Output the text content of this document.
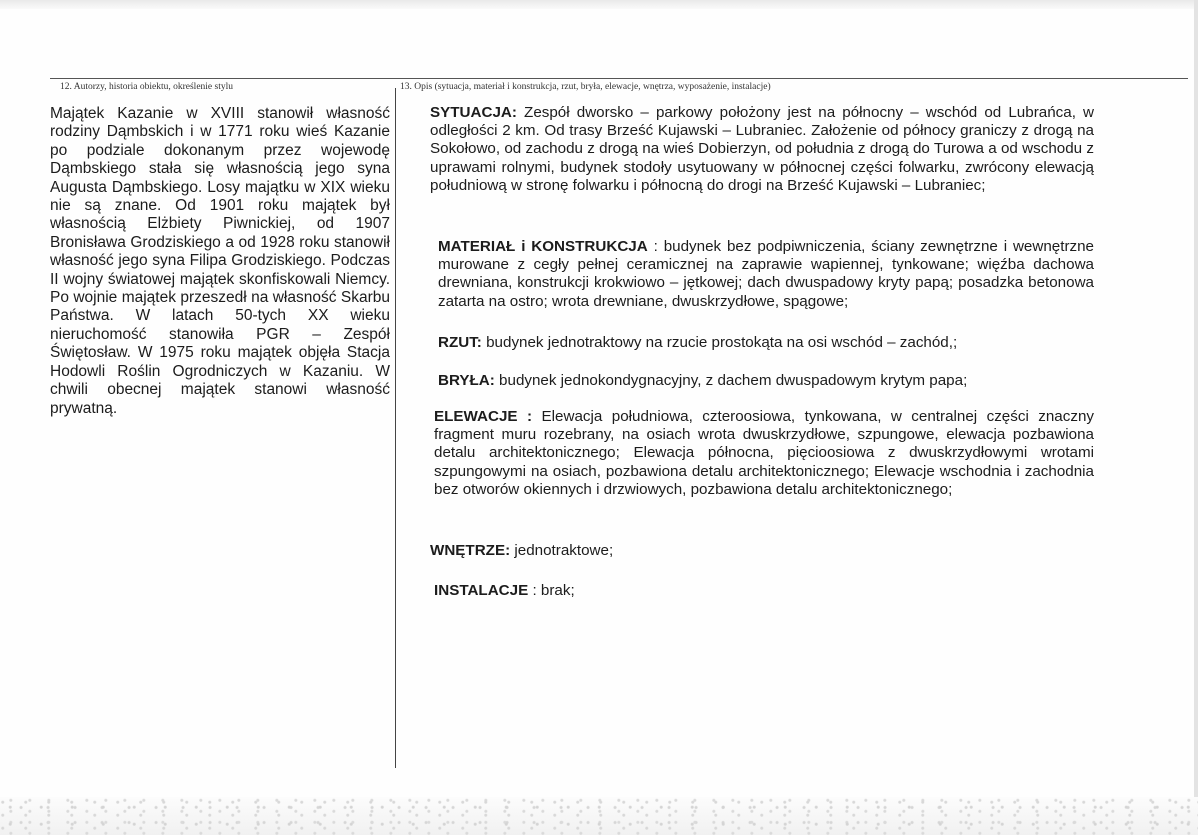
12. Autorzy, historia obiektu, określenie stylu	13. Opis (sytuacja, materiał i konstrukcja, rzut, bryła, elewacje, wnętrza, wyposażenie, instalacje)
Majątek Kazanie w XVIII stanowił własność rodziny Dąmbskich i w 1771 roku wieś Kazanie po podziale dokonanym przez wojewodę Dąmbskiego stała się własnością jego syna Augusta Dąmbskiego. Losy majątku w XIX wieku nie są znane. Od 1901 roku majątek był własnością Elżbiety Piwnickiej, od 1907 Bronisława Grodziskiego a od 1928 roku stanowił własność jego syna Filipa Grodziskiego. Podczas II wojny światowej majątek skonfiskowali Niemcy. Po wojnie majątek przeszedł na własność Skarbu Państwa. W latach 50-tych XX wieku nieruchomość stanowiła PGR – Zespół Świętosław. W 1975 roku majątek objęła Stacja Hodowli Roślin Ogrodniczych w Kazaniu. W chwili obecnej majątek stanowi własność prywatną.
SYTUACJA: Zespół dworsko – parkowy położony jest na północny – wschód od Lubrańca, w odległości 2 km. Od trasy Brześć Kujawski – Lubraniec. Założenie od północy graniczy z drogą na Sokołowo, od zachodu z drogą na wieś Dobierzyn, od południa z drogą do Turowa a od wschodu z uprawami rolnymi, budynek stodoły usytuowany w północnej części folwarku, zwrócony elewacją południową w stronę folwarku i północną do drogi na Brześć Kujawski – Lubraniec;
MATERIAŁ i KONSTRUKCJA : budynek bez podpiwniczenia, ściany zewnętrzne i wewnętrzne murowane z cegły pełnej ceramicznej na zaprawie wapiennej, tynkowane; więźba dachowa drewniana, konstrukcji krokwiowo – jętkowej; dach dwuspadowy kryty papą; posadzka betonowa zatarta na ostro; wrota drewniane, dwuskrzydłowe, spągowe;
RZUT: budynek jednotraktowy na rzucie prostokąta na osi wschód – zachód,;
BRYŁA: budynek jednokondygnacyjny, z dachem dwuspadowym krytym papa;
ELEWACJE : Elewacja południowa, czteroosiowa, tynkowana, w centralnej części znaczny fragment muru rozebrany, na osiach wrota dwuskrzydłowe, szpungowe, elewacja pozbawiona detalu architektonicznego; Elewacja północna, pięcioosiowa z dwuskrzydłowymi wrotami szpungowymi na osiach, pozbawiona detalu architektonicznego; Elewacje wschodnia i zachodnia bez otworów okiennych i drzwiowych, pozbawiona detalu architektonicznego;
WNĘTRZE: jednotraktowe;
INSTALACJE : brak;
